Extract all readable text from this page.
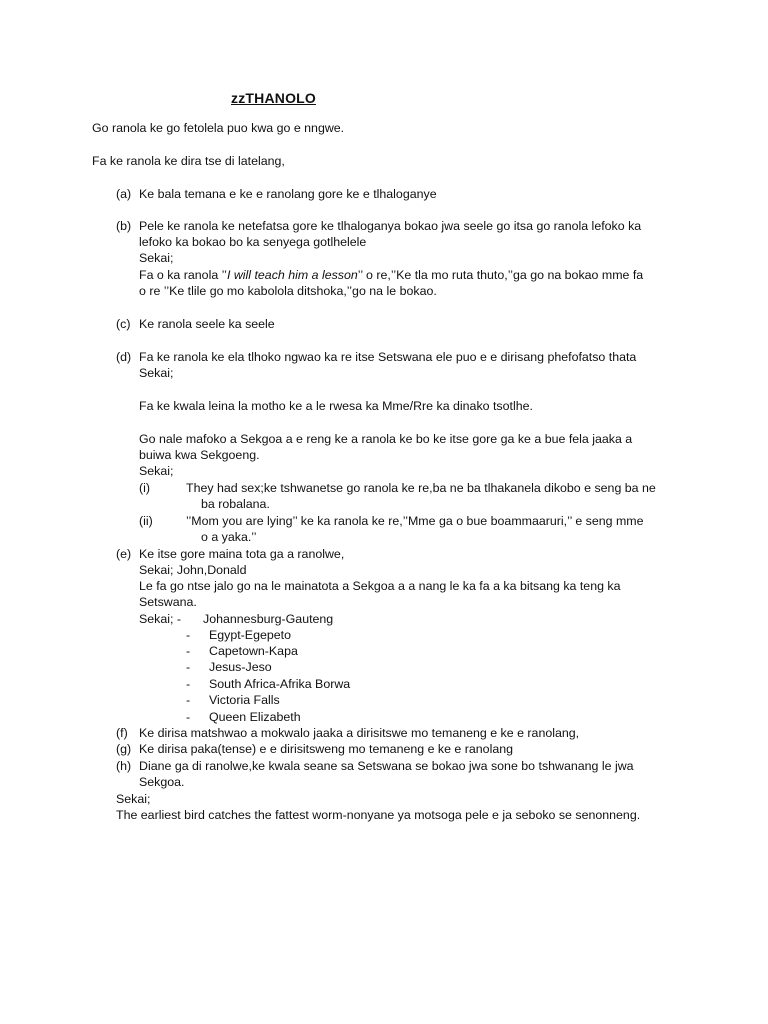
zzTHANOLO
Go ranola ke go fetolela puo kwa go e nngwe.
Fa ke ranola ke dira tse di latelang,
(a) Ke bala temana e ke e ranolang gore ke e tlhaloganye
(b) Pele ke ranola ke netefatsa gore ke tlhaloganya bokao jwa seele go itsa go ranola lefoko ka
lefoko ka bokao bo ka senyega gotlhelele
Sekai;
Fa o ka ranola ’’I will teach him a lesson’’ o re,’’Ke tla mo ruta thuto,’’ga go na bokao mme fa
o re ’’Ke tlile go mo kabolola ditshoka,’’go na le bokao.
(c) Ke ranola seele ka seele
(d) Fa ke ranola ke ela tlhoko ngwao ka re itse Setswana ele puo e e dirisang phefofatso thata
Sekai;
Fa ke kwala leina la motho ke a le rwesa ka Mme/Rre ka dinako tsotlhe.
Go nale mafoko a Sekgoa a e reng ke a ranola ke bo ke itse gore ga ke a bue fela jaaka a
buiwa kwa Sekgoeng.
Sekai;
(i)	They had sex;ke tshwanetse go ranola ke re,ba ne ba tlhakanela dikobo e seng ba ne
ba robalana.
(ii)	’’Mom you are lying’’ ke ka ranola ke re,’’Mme ga o bue boammaaruri,’’ e seng mme
o a yaka.’’
(e) Ke itse gore maina tota ga a ranolwe,
Sekai; John,Donald
Le fa go ntse jalo go na le mainatota a Sekgoa a a nang le ka fa a ka bitsang ka teng ka
Setswana.
Sekai; - Johannesburg-Gauteng
- Egypt-Egepeto
- Capetown-Kapa
- Jesus-Jeso
- South Africa-Afrika Borwa
- Victoria Falls
- Queen Elizabeth
(f) Ke dirisa matshwao a mokwalo jaaka a dirisitswe mo temaneng e ke e ranolang,
(g) Ke dirisa paka(tense) e e dirisitsweng mo temaneng e ke e ranolang
(h) Diane ga di ranolwe,ke kwala seane sa Setswana se bokao jwa sone bo tshwanang le jwa
Sekgoa.
Sekai;
The earliest bird catches the fattest worm-nonyane ya motsoga pele e ja seboko se senonneng.
